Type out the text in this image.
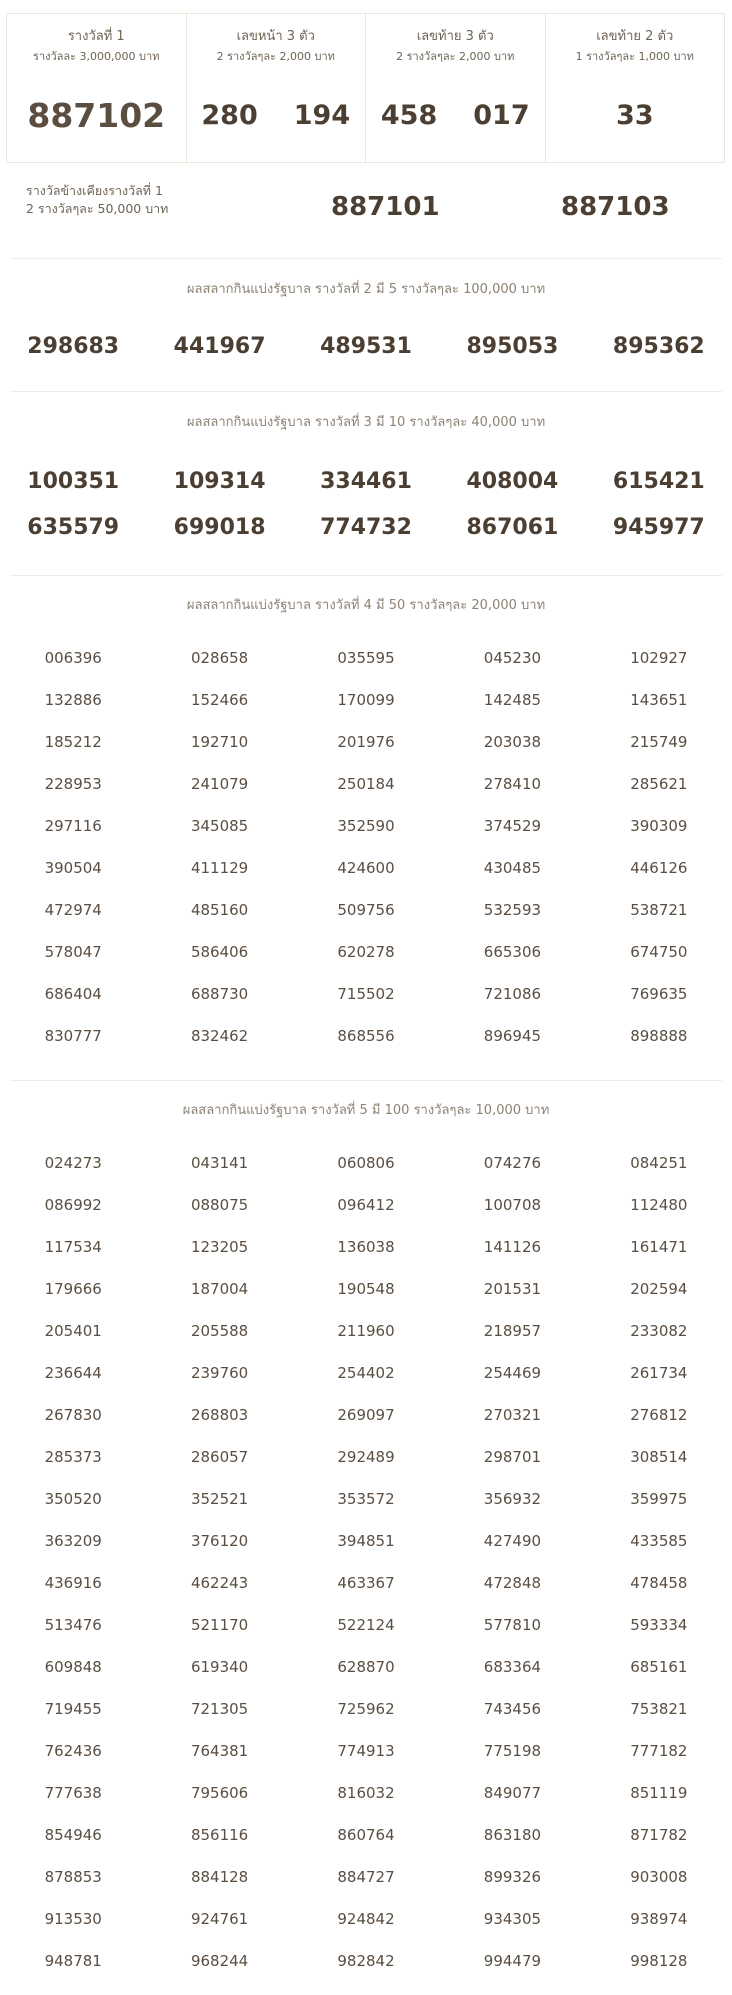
รางวัลที่ 1
รางวัลละ 3,000,000 บาท
887102
เลขหน้า 3 ตัว
2 รางวัลๆละ 2,000 บาท
280 194
เลขท้าย 3 ตัว
2 รางวัลๆละ 2,000 บาท
458 017
เลขท้าย 2 ตัว
1 รางวัลๆละ 1,000 บาท
33
รางวัลข้างเคียงรางวัลที่ 1
2 รางวัลๆละ 50,000 บาท	887101	887103
ผลสลากกินแบ่งรัฐบาล รางวัลที่ 2 มี 5 รางวัลๆละ 100,000 บาท
298683	441967	489531	895053	895362
ผลสลากกินแบ่งรัฐบาล รางวัลที่ 3 มี 10 รางวัลๆละ 40,000 บาท
100351	109314	334461	408004	615421
635579	699018	774732	867061	945977
ผลสลากกินแบ่งรัฐบาล รางวัลที่ 4 มี 50 รางวัลๆละ 20,000 บาท
006396	028658	035595	045230	102927
132886	152466	170099	142485	143651
185212	192710	201976	203038	215749
228953	241079	250184	278410	285621
297116	345085	352590	374529	390309
390504	411129	424600	430485	446126
472974	485160	509756	532593	538721
578047	586406	620278	665306	674750
686404	688730	715502	721086	769635
830777	832462	868556	896945	898888
ผลสลากกินแบ่งรัฐบาล รางวัลที่ 5 มี 100 รางวัลๆละ 10,000 บาท
024273	043141	060806	074276	084251
086992	088075	096412	100708	112480
117534	123205	136038	141126	161471
179666	187004	190548	201531	202594
205401	205588	211960	218957	233082
236644	239760	254402	254469	261734
267830	268803	269097	270321	276812
285373	286057	292489	298701	308514
350520	352521	353572	356932	359975
363209	376120	394851	427490	433585
436916	462243	463367	472848	478458
513476	521170	522124	577810	593334
609848	619340	628870	683364	685161
719455	721305	725962	743456	753821
762436	764381	774913	775198	777182
777638	795606	816032	849077	851119
854946	856116	860764	863180	871782
878853	884128	884727	899326	903008
913530	924761	924842	934305	938974
948781	968244	982842	994479	998128
